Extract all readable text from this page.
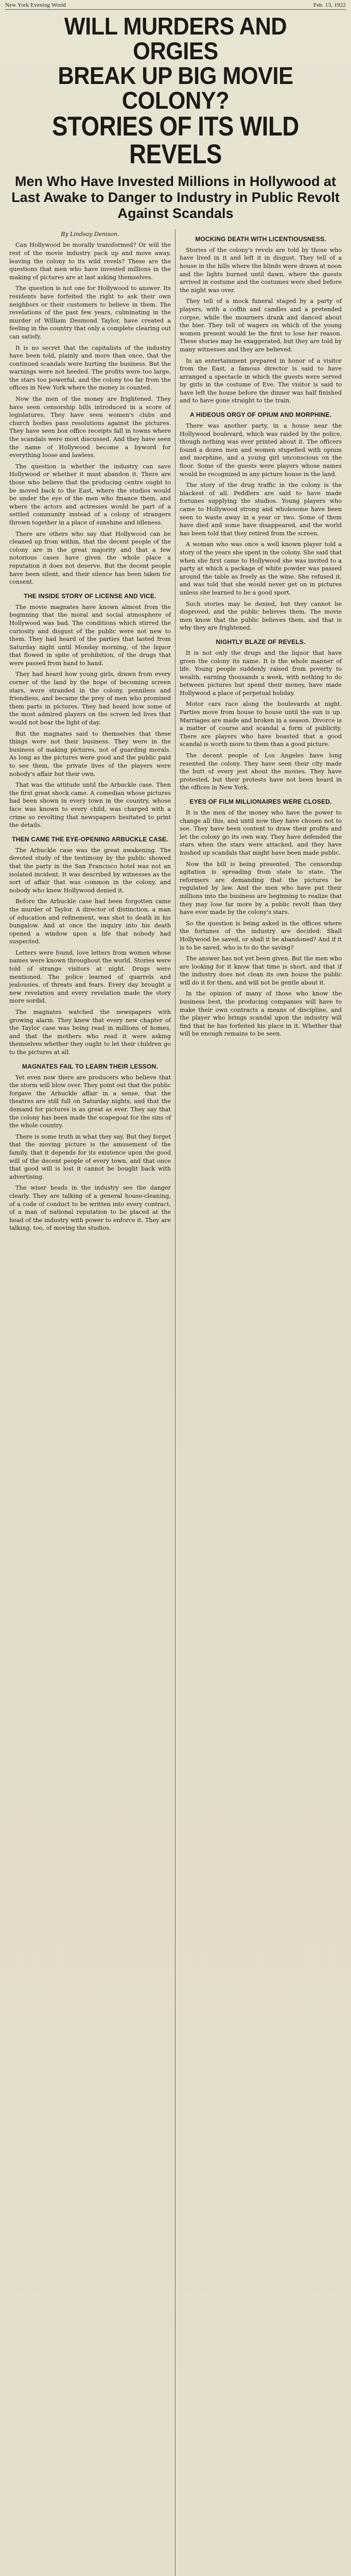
New York Evening World	Feb. 13, 1922
WILL MURDERS AND ORGIES
BREAK UP BIG MOVIE COLONY?
STORIES OF ITS WILD REVELS
Men Who Have Invested Millions in Hollywood at Last Awake to Danger to Industry in Public Revolt Against Scandals
By Lindsay Denison.

Can Hollywood be morally transformed? Or will the rest of the movie industry pack up and move away, leaving the colony to its wild revels? These are the questions that men who have invested millions in the making of pictures are at last asking themselves.

The question is not one for Hollywood to answer. Its residents have forfeited the right to ask their own neighbors or their customers to believe in them. The revelations of the past few years, culminating in the murder of William Desmond Taylor, have created a feeling in the country that only a complete clearing out can satisfy.

It is no secret that the capitalists of the industry have been told, plainly and more than once, that the continued scandals were hurting the business. But the warnings were not heeded. The profits were too large, the stars too powerful, and the colony too far from the offices in New York where the money is counted.

Now the men of the money are frightened. They have seen censorship bills introduced in a score of legislatures. They have seen women's clubs and church bodies pass resolutions against the pictures. They have seen box office receipts fall in towns where the scandals were most discussed. And they have seen the name of Hollywood become a byword for everything loose and lawless.

The question is whether the industry can save Hollywood or whether it must abandon it. There are those who believe that the producing centre ought to be moved back to the East, where the studios would be under the eye of the men who finance them, and where the actors and actresses would be part of a settled community instead of a colony of strangers thrown together in a place of sunshine and idleness.

There are others who say that Hollywood can be cleaned up from within, that the decent people of the colony are in the great majority and that a few notorious cases have given the whole place a reputation it does not deserve. But the decent people have been silent, and their silence has been taken for consent.

THE INSIDE STORY OF LICENSE AND VICE.

The movie magnates have known almost from the beginning that the moral and social atmosphere of Hollywood was bad. The conditions which stirred the curiosity and disgust of the public were not new to them. They had heard of the parties that lasted from Saturday night until Monday morning, of the liquor that flowed in spite of prohibition, of the drugs that were passed from hand to hand.

They had heard how young girls, drawn from every corner of the land by the hope of becoming screen stars, were stranded in the colony, penniless and friendless, and became the prey of men who promised them parts in pictures. They had heard how some of the most admired players on the screen led lives that would not bear the light of day.

But the magnates said to themselves that these things were not their business. They were in the business of making pictures, not of guarding morals. As long as the pictures were good and the public paid to see them, the private lives of the players were nobody's affair but their own.

That was the attitude until the Arbuckle case. Then the first great shock came. A comedian whose pictures had been shown in every town in the country, whose face was known to every child, was charged with a crime so revolting that newspapers hesitated to print the details.

THEN CAME THE EYE-OPENING ARBUCKLE CASE.

The Arbuckle case was the great awakening. The devoted study of the testimony by the public showed that the party in the San Francisco hotel was not an isolated incident. It was described by witnesses as the sort of affair that was common in the colony, and nobody who knew Hollywood denied it.

Before the Arbuckle case had been forgotten came the murder of Taylor. A director of distinction, a man of education and refinement, was shot to death in his bungalow. And at once the inquiry into his death opened a window upon a life that nobody had suspected.

Letters were found, love letters from women whose names were known throughout the world. Stories were told of strange visitors at night. Drugs were mentioned. The police learned of quarrels and jealousies, of threats and fears. Every day brought a new revelation and every revelation made the story more sordid.

The magnates watched the newspapers with growing alarm. They knew that every new chapter of the Taylor case was being read in millions of homes, and that the mothers who read it were asking themselves whether they ought to let their children go to the pictures at all.

MAGNATES FAIL TO LEARN THEIR LESSON.

Yet even now there are producers who believe that the storm will blow over. They point out that the public forgave the Arbuckle affair in a sense, that the theatres are still full on Saturday nights, and that the demand for pictures is as great as ever. They say that the colony has been made the scapegoat for the sins of the whole country.

There is some truth in what they say. But they forget that the moving picture is the amusement of the family, that it depends for its existence upon the good will of the decent people of every town, and that once that good will is lost it cannot be bought back with advertising.

The wiser heads in the industry see the danger clearly. They are talking of a general house-cleaning, of a code of conduct to be written into every contract, of a man of national reputation to be placed at the head of the industry with power to enforce it. They are talking, too, of moving the studios.

MOCKING DEATH WITH LICENTIOUSNESS.

Stories of the colony's revels are told by those who have lived in it and left it in disgust. They tell of a house in the hills where the blinds were drawn at noon and the lights burned until dawn, where the guests arrived in costume and the costumes were shed before the night was over.

They tell of a mock funeral staged by a party of players, with a coffin and candles and a pretended corpse, while the mourners drank and danced about the bier. They tell of wagers on which of the young women present would be the first to lose her reason. These stories may be exaggerated, but they are told by many witnesses and they are believed.

In an entertainment prepared in honor of a visitor from the East, a famous director is said to have arranged a spectacle in which the guests were served by girls in the costume of Eve. The visitor is said to have left the house before the dinner was half finished and to have gone straight to the train.

A HIDEOUS ORGY OF OPIUM AND MORPHINE.

There was another party, in a house near the Hollywood boulevard, which was raided by the police, though nothing was ever printed about it. The officers found a dozen men and women stupefied with opium and morphine, and a young girl unconscious on the floor. Some of the guests were players whose names would be recognized in any picture house in the land.

The story of the drug traffic in the colony is the blackest of all. Peddlers are said to have made fortunes supplying the studios. Young players who came to Hollywood strong and wholesome have been seen to waste away in a year or two. Some of them have died and some have disappeared, and the world has been told that they retired from the screen.

A woman who was once a well known player told a story of the years she spent in the colony. She said that when she first came to Hollywood she was invited to a party at which a package of white powder was passed around the table as freely as the wine. She refused it, and was told that she would never get on in pictures unless she learned to be a good sport.

Such stories may be denied, but they cannot be disproved, and the public believes them. The movie men know that the public believes them, and that is why they are frightened.

NIGHTLY BLAZE OF REVELS.

It is not only the drugs and the liquor that have given the colony its name. It is the whole manner of life. Young people suddenly raised from poverty to wealth, earning thousands a week, with nothing to do between pictures but spend their money, have made Hollywood a place of perpetual holiday.

Motor cars race along the boulevards at night. Parties move from house to house until the sun is up. Marriages are made and broken in a season. Divorce is a matter of course and scandal a form of publicity. There are players who have boasted that a good scandal is worth more to them than a good picture.

The decent people of Los Angeles have long resented the colony. They have seen their city made the butt of every jest about the movies. They have protested, but their protests have not been heard in the offices in New York.

EYES OF FILM MILLIONAIRES WERE CLOSED.

It is the men of the money who have the power to change all this, and until now they have chosen not to see. They have been content to draw their profits and let the colony go its own way. They have defended the stars when the stars were attacked, and they have hushed up scandals that might have been made public.

Now the bill is being presented. The censorship agitation is spreading from state to state. The reformers are demanding that the pictures be regulated by law. And the men who have put their millions into the business are beginning to realize that they may lose far more by a public revolt than they have ever made by the colony's stars.

So the question is being asked in the offices where the fortunes of the industry are decided: Shall Hollywood be saved, or shall it be abandoned? And if it is to be saved, who is to do the saving?

The answer has not yet been given. But the men who are looking for it know that time is short, and that if the industry does not clean its own house the public will do it for them, and will not be gentle about it.

In the opinion of many of those who know the business best, the producing companies will have to make their own contracts a means of discipline, and the player who brings scandal upon the industry will find that he has forfeited his place in it. Whether that will be enough remains to be seen.
